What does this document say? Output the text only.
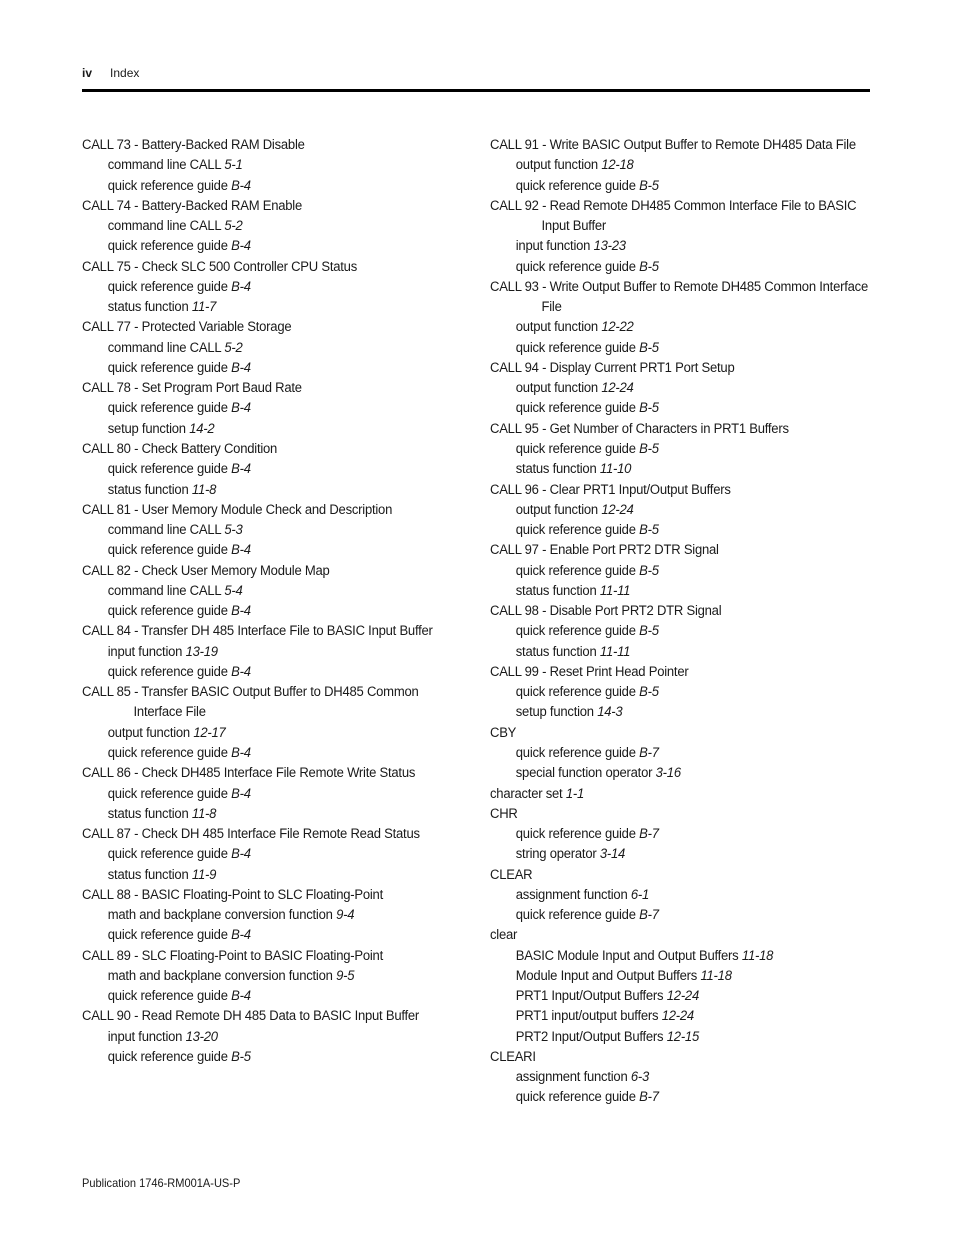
iv Index
CALL 73 - Battery-Backed RAM Disable
command line CALL 5-1
quick reference guide B-4
CALL 74 - Battery-Backed RAM Enable
command line CALL 5-2
quick reference guide B-4
CALL 75 - Check SLC 500 Controller CPU Status
quick reference guide B-4
status function 11-7
CALL 77 - Protected Variable Storage
command line CALL 5-2
quick reference guide B-4
CALL 78 - Set Program Port Baud Rate
quick reference guide B-4
setup function 14-2
CALL 80 - Check Battery Condition
quick reference guide B-4
status function 11-8
CALL 81 - User Memory Module Check and Description
command line CALL 5-3
quick reference guide B-4
CALL 82 - Check User Memory Module Map
command line CALL 5-4
quick reference guide B-4
CALL 84 - Transfer DH 485 Interface File to BASIC Input Buffer
input function 13-19
quick reference guide B-4
CALL 85 - Transfer BASIC Output Buffer to DH485 Common Interface File
output function 12-17
quick reference guide B-4
CALL 86 - Check DH485 Interface File Remote Write Status
quick reference guide B-4
status function 11-8
CALL 87 - Check DH 485 Interface File Remote Read Status
quick reference guide B-4
status function 11-9
CALL 88 - BASIC Floating-Point to SLC Floating-Point
math and backplane conversion function 9-4
quick reference guide B-4
CALL 89 - SLC Floating-Point to BASIC Floating-Point
math and backplane conversion function 9-5
quick reference guide B-4
CALL 90 - Read Remote DH 485 Data to BASIC Input Buffer
input function 13-20
quick reference guide B-5
CALL 91 - Write BASIC Output Buffer to Remote DH485 Data File
output function 12-18
quick reference guide B-5
CALL 92 - Read Remote DH485 Common Interface File to BASIC Input Buffer
input function 13-23
quick reference guide B-5
CALL 93 - Write Output Buffer to Remote DH485 Common Interface File
output function 12-22
quick reference guide B-5
CALL 94 - Display Current PRT1 Port Setup
output function 12-24
quick reference guide B-5
CALL 95 - Get Number of Characters in PRT1 Buffers
quick reference guide B-5
status function 11-10
CALL 96 - Clear PRT1 Input/Output Buffers
output function 12-24
quick reference guide B-5
CALL 97 - Enable Port PRT2 DTR Signal
quick reference guide B-5
status function 11-11
CALL 98 - Disable Port PRT2 DTR Signal
quick reference guide B-5
status function 11-11
CALL 99 - Reset Print Head Pointer
quick reference guide B-5
setup function 14-3
CBY
quick reference guide B-7
special function operator 3-16
character set 1-1
CHR
quick reference guide B-7
string operator 3-14
CLEAR
assignment function 6-1
quick reference guide B-7
clear
BASIC Module Input and Output Buffers 11-18
Module Input and Output Buffers 11-18
PRT1 Input/Output Buffers 12-24
PRT1 input/output buffers 12-24
PRT2 Input/Output Buffers 12-15
CLEARI
assignment function 6-3
quick reference guide B-7
Publication 1746-RM001A-US-P
